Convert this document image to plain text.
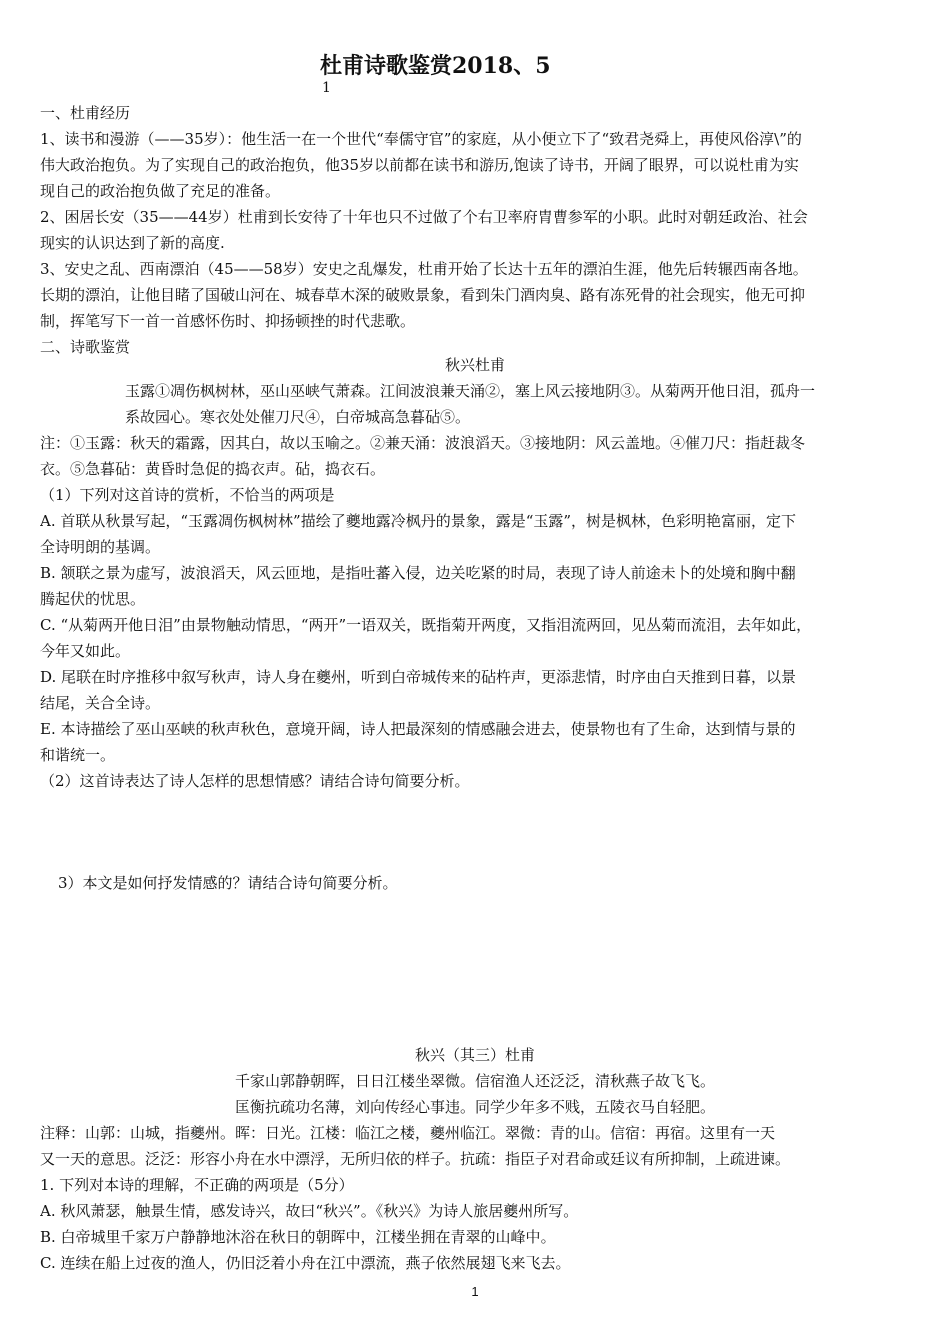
杜甫诗歌鉴赏2018、5
1
一、杜甫经历
1、读书和漫游（——35岁）：他生活一在一个世代“奉儒守官”的家庭，从小便立下了“致君尧舜上，再使风俗淳\”的
伟大政治抱负。为了实现自己的政治抱负，他35岁以前都在读书和游历,饱读了诗书，开阔了眼界，可以说杜甫为实
现自己的政治抱负做了充足的准备。
2、困居长安（35——44岁）杜甫到长安待了十年也只不过做了个右卫率府胄曹参军的小职。此时对朝廷政治、社会
现实的认识达到了新的高度.
3、安史之乱、西南漂泊（45——58岁）安史之乱爆发，杜甫开始了长达十五年的漂泊生涯，他先后转辗西南各地。
长期的漂泊，让他目睹了国破山河在、城春草木深的破败景象，看到朱门酒肉臭、路有冻死骨的社会现实，他无可抑
制，挥笔写下一首一首感怀伤时、抑扬顿挫的时代悲歌。
二、诗歌鉴赏
秋兴杜甫
玉露①凋伤枫树林，巫山巫峡气萧森。江间波浪兼天涌②，塞上风云接地阴③。从菊两开他日泪，孤舟一
系故园心。寒衣处处催刀尺④，白帝城高急暮砧⑤。
注：①玉露：秋天的霜露，因其白，故以玉喻之。②兼天涌：波浪滔天。③接地阴：风云盖地。④催刀尺：指赶裁冬
衣。⑤急暮砧：黄昏时急促的捣衣声。砧，捣衣石。
（1）下列对这首诗的赏析，不恰当的两项是
A. 首联从秋景写起，“玉露凋伤枫树林”描绘了夔地露冷枫丹的景象，露是“玉露”，树是枫林，色彩明艳富丽，定下
全诗明朗的基调。
B. 颔联之景为虚写，波浪滔天，风云匝地，是指吐蕃入侵，边关吃紧的时局，表现了诗人前途未卜的处境和胸中翻
腾起伏的忧思。
C. “从菊两开他日泪”由景物触动情思，“两开”一语双关，既指菊开两度，又指泪流两回，见丛菊而流泪，去年如此，
今年又如此。
D. 尾联在时序推移中叙写秋声，诗人身在夔州，听到白帝城传来的砧杵声，更添悲情，时序由白天推到日暮，以景
结尾，关合全诗。
E. 本诗描绘了巫山巫峡的秋声秋色，意境开阔，诗人把最深刻的情感融会进去，使景物也有了生命，达到情与景的
和谐统一。
（2）这首诗表达了诗人怎样的思想情感？请结合诗句简要分析。
3）本文是如何抒发情感的？请结合诗句简要分析。
秋兴（其三）杜甫
千家山郭静朝晖，日日江楼坐翠微。信宿渔人还泛泛，清秋燕子故飞飞。
匡衡抗疏功名薄，刘向传经心事违。同学少年多不贱，五陵衣马自轻肥。
注释：山郭：山城，指夔州。晖：日光。江楼：临江之楼，夔州临江。翠微：青的山。信宿：再宿。这里有一天
又一天的意思。泛泛：形容小舟在水中漂浮，无所归依的样子。抗疏：指臣子对君命或廷议有所抑制，上疏进谏。
1. 下列对本诗的理解，不正确的两项是（5分）
A. 秋风萧瑟，触景生情，感发诗兴，故曰“秋兴”。《秋兴》为诗人旅居夔州所写。
B. 白帝城里千家万户静静地沐浴在秋日的朝晖中，江楼坐拥在青翠的山峰中。
C. 连续在船上过夜的渔人，仍旧泛着小舟在江中漂流，燕子依然展翅飞来飞去。
1
